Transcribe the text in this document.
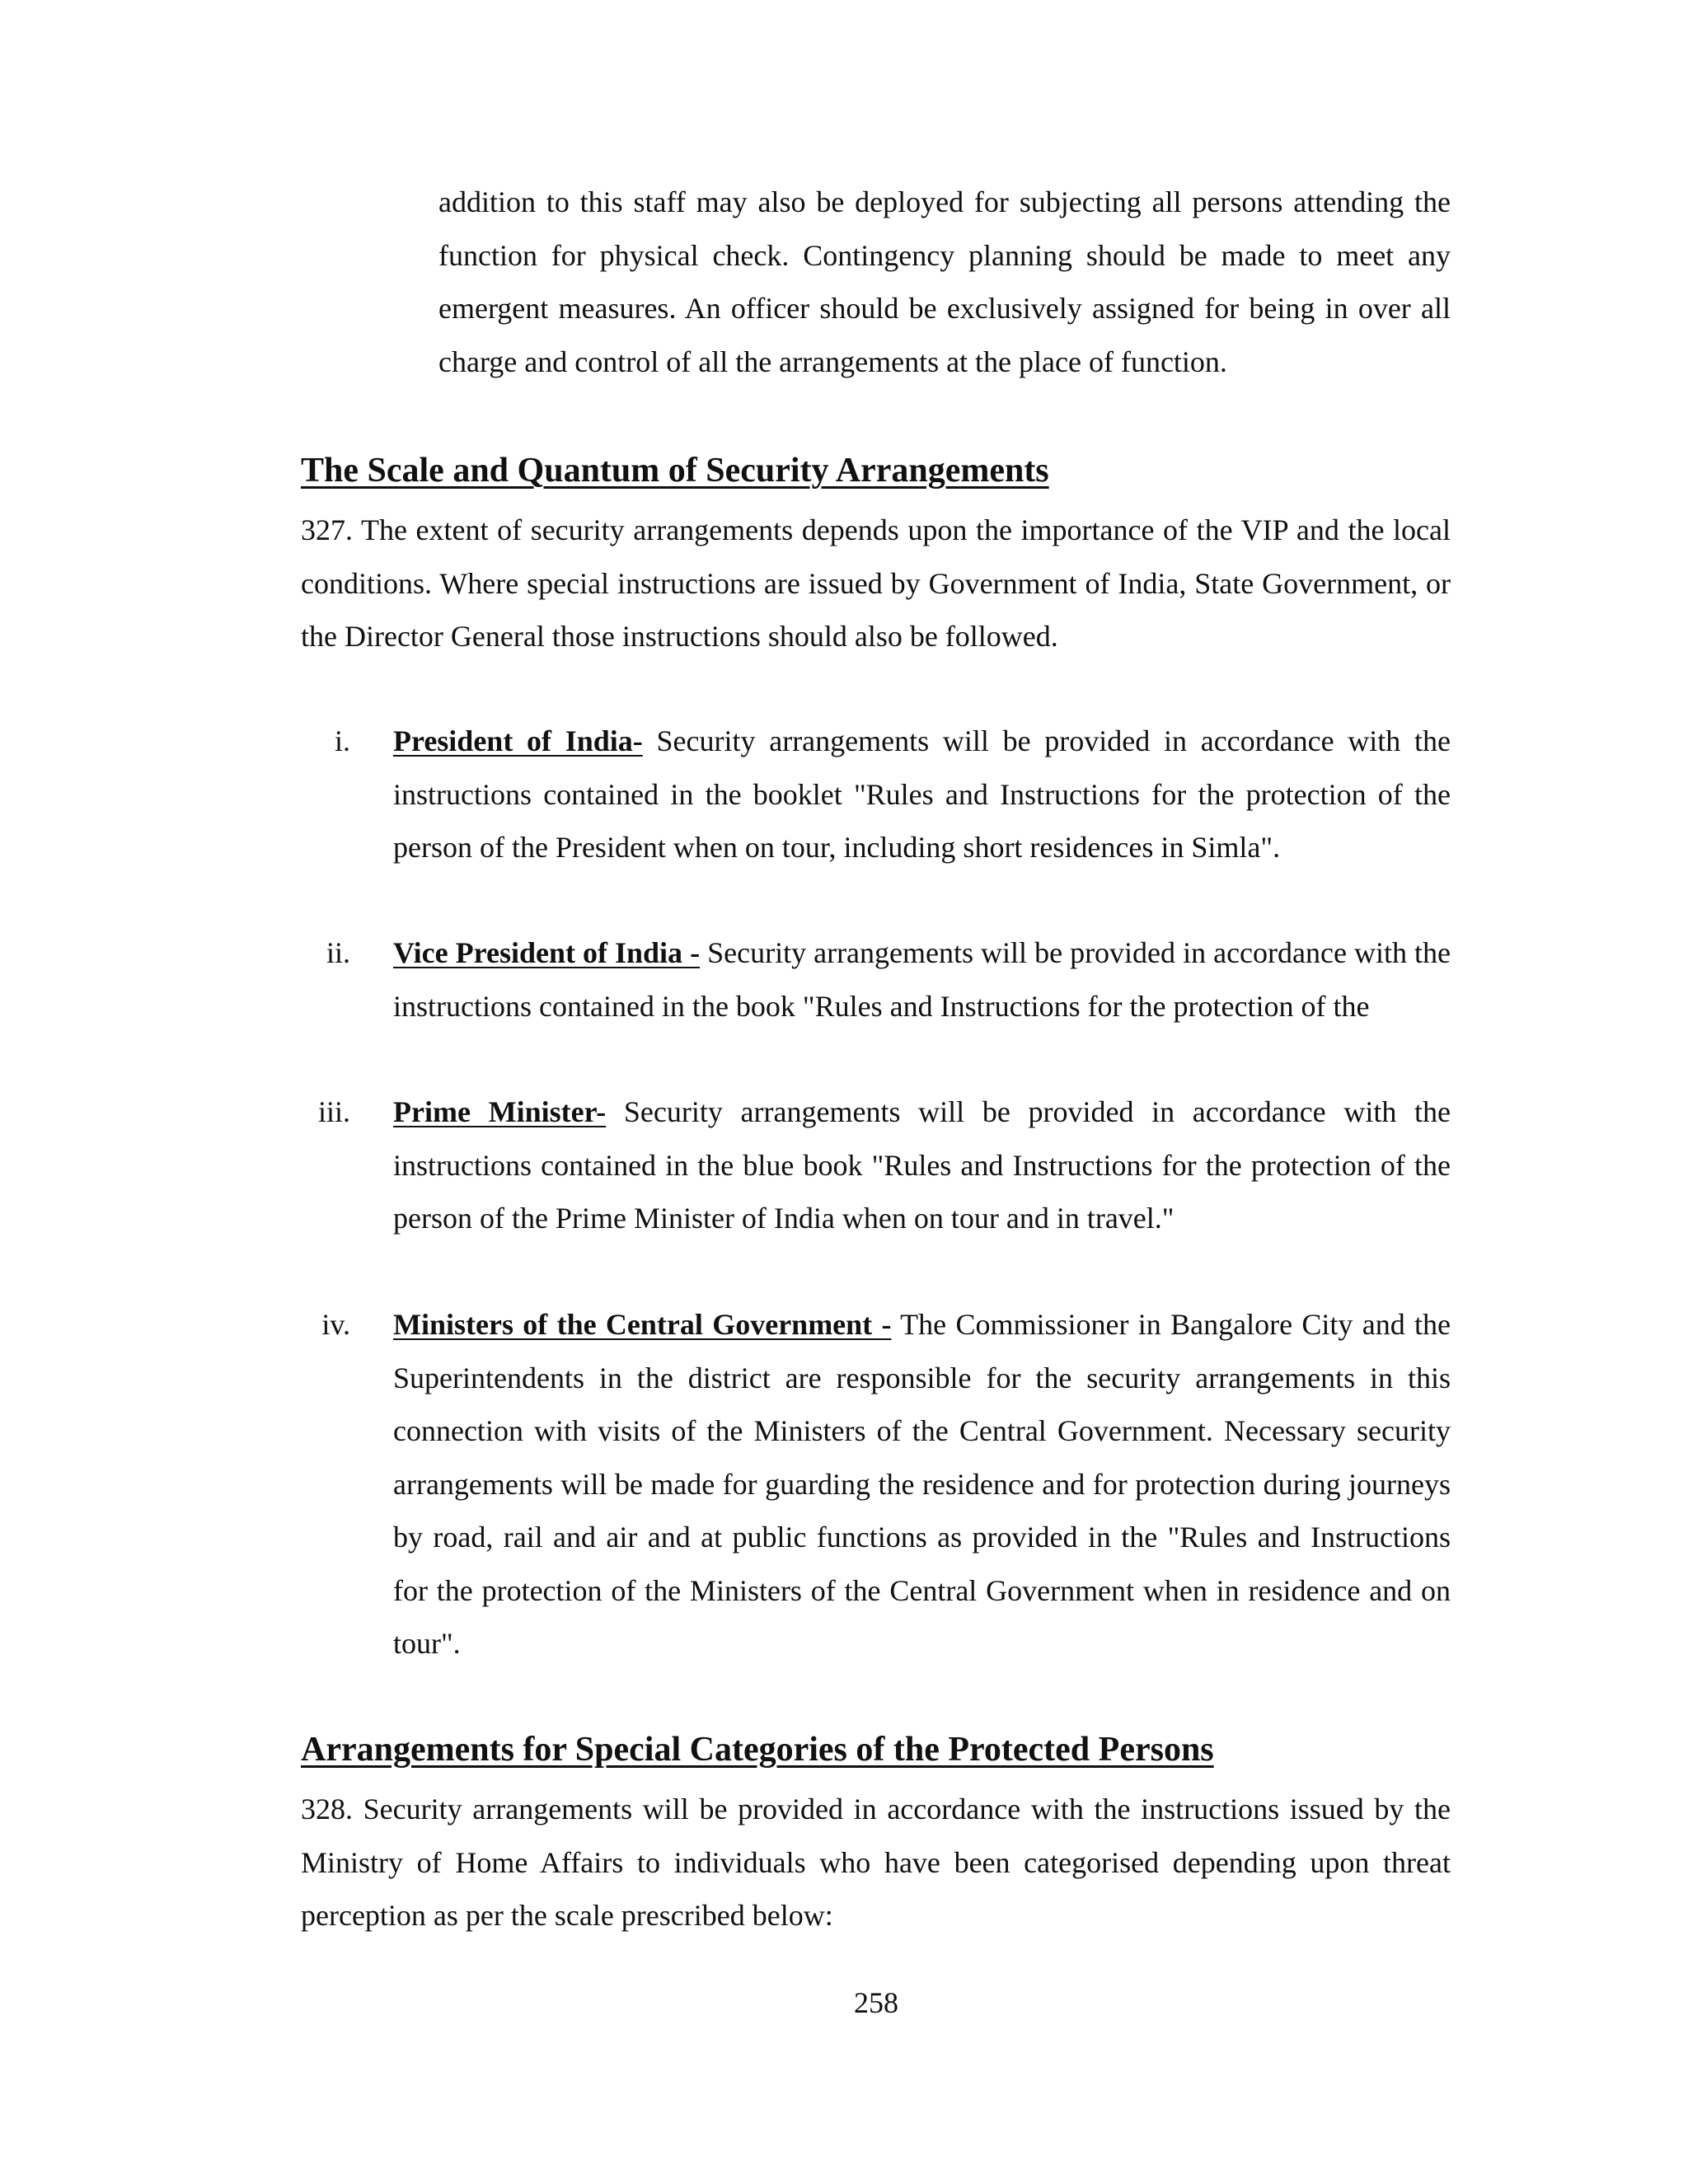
addition to this staff may also be deployed for subjecting all persons attending the function for physical check. Contingency planning should be made to meet any emergent measures. An officer should be exclusively assigned for being in over all charge and control of all the arrangements at the place of function.

The Scale and Quantum of Security Arrangements

327. The extent of security arrangements depends upon the importance of the VIP and the local conditions. Where special instructions are issued by Government of India, State Government, or the Director General those instructions should also be followed.

i. President of India- Security arrangements will be provided in accordance with the instructions contained in the booklet "Rules and Instructions for the protection of the person of the President when on tour, including short residences in Simla".
ii. Vice President of India - Security arrangements will be provided in accordance with the instructions contained in the book "Rules and Instructions for the protection of the
iii. Prime Minister- Security arrangements will be provided in accordance with the instructions contained in the blue book "Rules and Instructions for the protection of the person of the Prime Minister of India when on tour and in travel."
iv. Ministers of the Central Government - The Commissioner in Bangalore City and the Superintendents in the district are responsible for the security arrangements in this connection with visits of the Ministers of the Central Government. Necessary security arrangements will be made for guarding the residence and for protection during journeys by road, rail and air and at public functions as provided in the "Rules and Instructions for the protection of the Ministers of the Central Government when in residence and on tour".
Arrangements for Special Categories of the Protected Persons

328. Security arrangements will be provided in accordance with the instructions issued by the Ministry of Home Affairs to individuals who have been categorised depending upon threat perception as per the scale prescribed below:

258
